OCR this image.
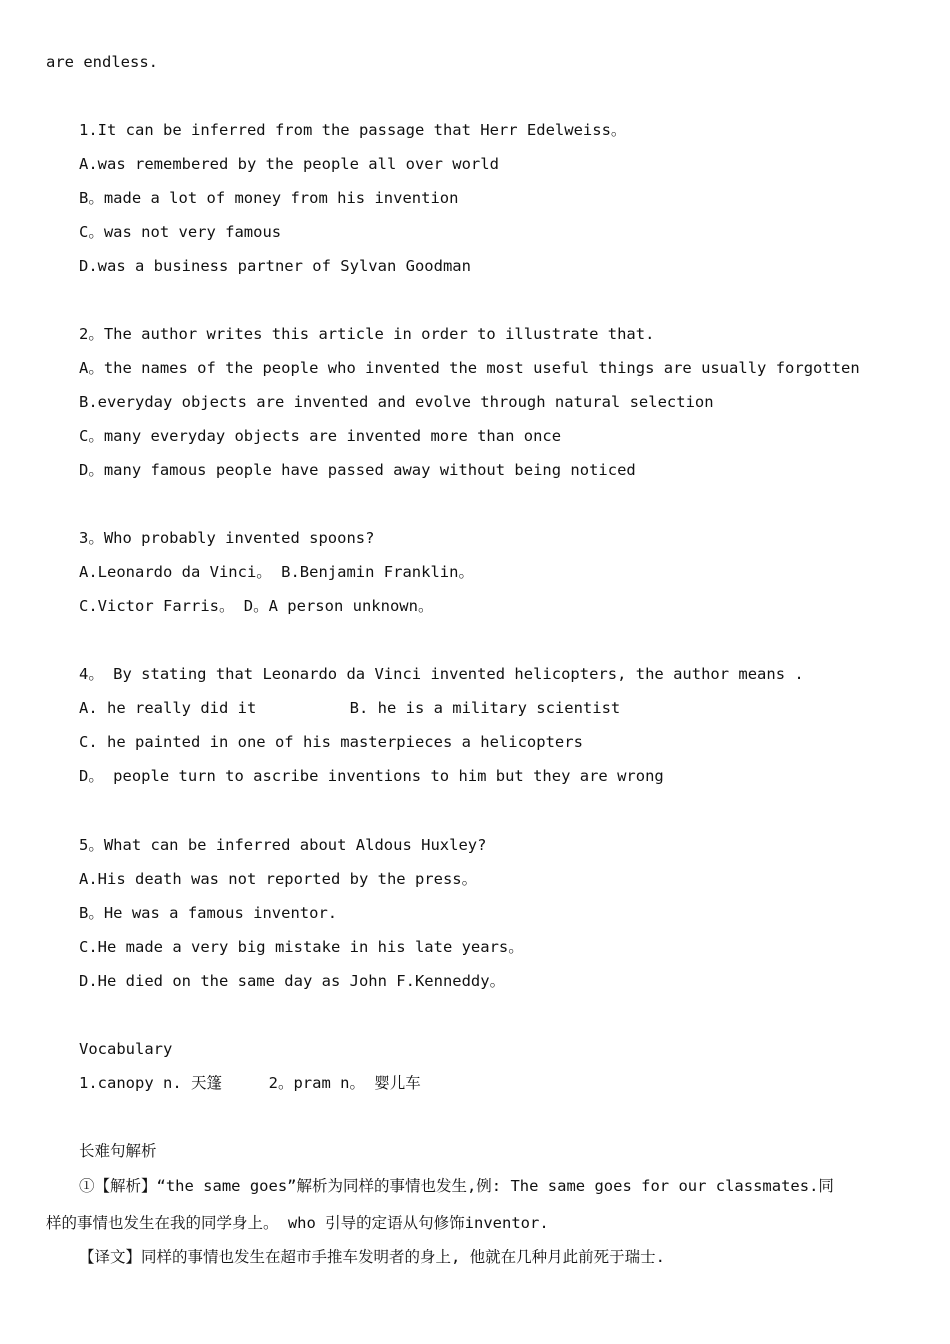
are endless.
1.It can be inferred from the passage that Herr Edelweiss。
A.was remembered by the people all over world
B。made a lot of money from his invention
C。was not very famous
D.was a business partner of Sylvan Goodman
2。The author writes this article in order to illustrate that.
A。the names of the people who invented the most useful things are usually forgotten
B.everyday objects are invented and evolve through natural selection
C。many everyday objects are invented more than once
D。many famous people have passed away without being noticed
3。Who probably invented spoons?
A.Leonardo da Vinci。 B.Benjamin Franklin。
C.Victor Farris。 D。A person unknown。
4。 By stating that Leonardo da Vinci invented helicopters, the author means .
A. he really did it          B. he is a military scientist
C. he painted in one of his masterpieces a helicopters
D。 people turn to ascribe inventions to him but they are wrong
5。What can be inferred about Aldous Huxley?
A.His death was not reported by the press。
B。He was a famous inventor.
C.He made a very big mistake in his late years。
D.He died on the same day as John F.Kenneddy。
Vocabulary
1.canopy n. 天篷     2。pram n。 婴儿车
长难句解析
①【解析】“the same goes”解析为同样的事情也发生,例: The same goes for our classmates.同
样的事情也发生在我的同学身上。 who 引导的定语从句修饰inventor.
【译文】同样的事情也发生在超市手推车发明者的身上, 他就在几种月此前死于瑞士.
